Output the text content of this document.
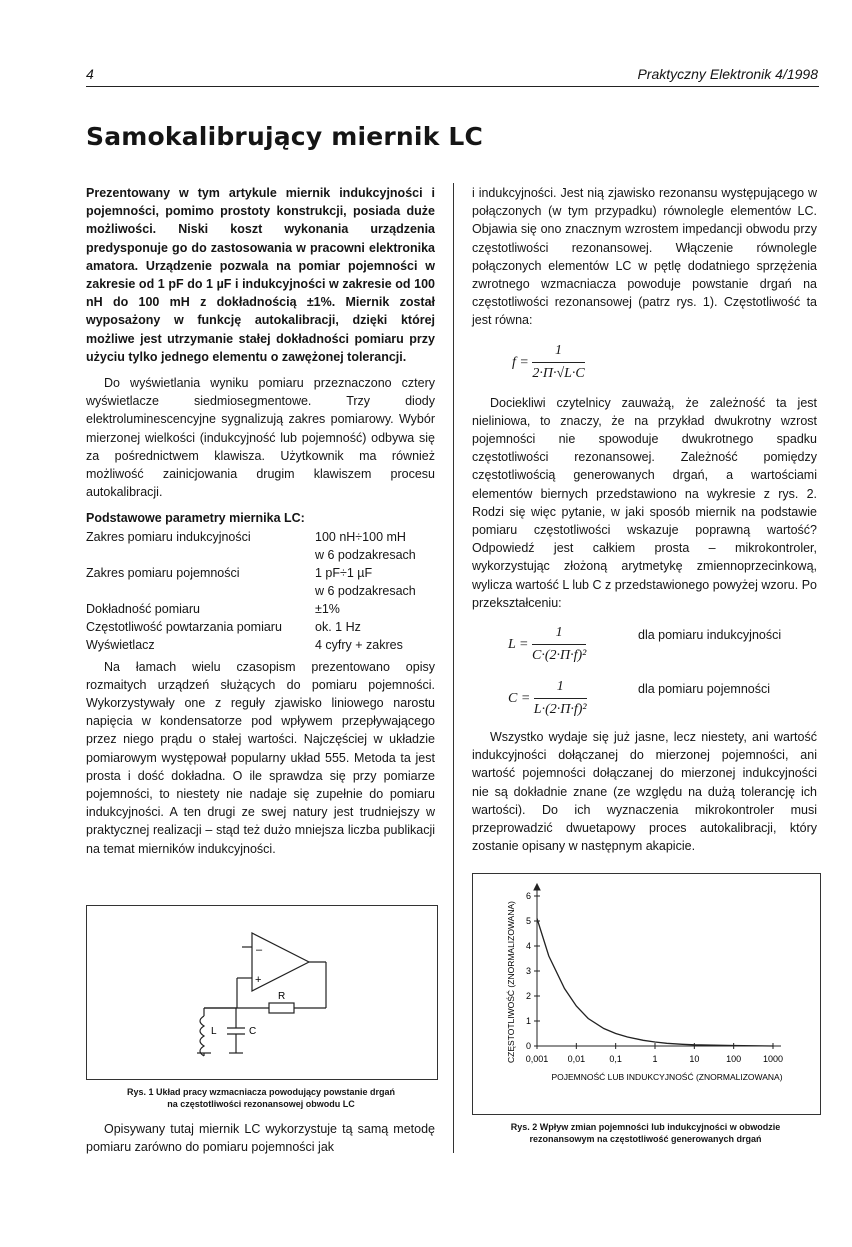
4	Praktyczny Elektronik 4/1998
Samokalibrujący miernik LC

Prezentowany w tym artykule miernik indukcyjności i pojemności, pomimo prostoty konstrukcji, posiada duże możliwości. Niski koszt wykonania urządzenia predysponuje go do zastosowania w pracowni elektronika amatora. Urządzenie pozwala na pomiar pojemności w zakresie od 1 pF do 1 µF i indukcyjności w zakresie od 100 nH do 100 mH z dokładnością ±1%. Miernik został wyposażony w funkcję autokalibracji, dzięki której możliwe jest utrzymanie stałej dokładności pomiaru przy użyciu tylko jednego elementu o zawężonej tolerancji.

Do wyświetlania wyniku pomiaru przeznaczono cztery wyświetlacze siedmiosegmentowe. Trzy diody elektroluminescencyjne sygnalizują zakres pomiarowy. Wybór mierzonej wielkości (indukcyjność lub pojemność) odbywa się za pośrednictwem klawisza. Użytkownik ma również możliwość zainicjowania drugim klawiszem procesu autokalibracji.

Podstawowe parametry miernika LC:

Zakres pomiaru indukcyjności	100 nH÷100 mH
w 6 podzakresach
Zakres pomiaru pojemności	1 pF÷1 µF
w 6 podzakresach
Dokładność pomiaru	±1%
Częstotliwość powtarzania pomiaru	ok. 1 Hz
Wyświetlacz	4 cyfry + zakres

Na łamach wielu czasopism prezentowano opisy rozmaitych urządzeń służących do pomiaru pojemności. Wykorzystywały one z reguły zjawisko liniowego narostu napięcia w kondensatorze pod wpływem przepływającego przez niego prądu o stałej wartości. Najczęściej w układzie pomiarowym występował popularny układ 555. Metoda ta jest prosta i dość dokładna. O ile sprawdza się przy pomiarze pojemności, to niestety nie nadaje się zupełnie do pomiaru indukcyjności. A ten drugi ze swej natury jest trudniejszy w praktycznej realizacji – stąd też dużo mniejsza liczba publikacji na temat mierników indukcyjności.

–
+
R
L	C
Rys. 1 Układ pracy wzmacniacza powodujący powstanie drgań
na częstotliwości rezonansowej obwodu LC

Opisywany tutaj miernik LC wykorzystuje tą samą metodę pomiaru zarówno do pomiaru pojemności jak

i indukcyjności. Jest nią zjawisko rezonansu występującego w połączonych (w tym przypadku) równolegle elementów LC. Objawia się ono znacznym wzrostem impedancji obwodu przy częstotliwości rezonansowej. Włączenie równolegle połączonych elementów LC w pętlę dodatniego sprzężenia zwrotnego wzmacniacza powoduje powstanie drgań na częstotliwości rezonansowej (patrz rys. 1). Częstotliwość ta jest równa:

$f = \frac{1}{2\cdot\Pi\cdot√L\cdot C}$

Dociekliwi czytelnicy zauważą, że zależność ta jest nieliniowa, to znaczy, że na przykład dwukrotny wzrost pojemności nie spowoduje dwukrotnego spadku częstotliwości rezonansowej. Zależność pomiędzy częstotliwością generowanych drgań, a wartościami elementów biernych przedstawiono na wykresie z rys. 2. Rodzi się więc pytanie, w jaki sposób miernik na podstawie pomiaru częstotliwości wskazuje poprawną wartość? Odpowiedź jest całkiem prosta – mikrokontroler, wykorzystując złożoną arytmetykę zmiennoprzecinkową, wylicza wartość L lub C z przedstawionego powyżej wzoru. Po przekształceniu:

$L = \frac{1}{\text{C·(2·Π·f)²}}$	dla pomiaru indukcyjności
$C = \frac{1}{\text{L·(2·Π·f)²}}$	dla pomiaru pojemności

Wszystko wydaje się już jasne, lecz niestety, ani wartość indukcyjności dołączanej do mierzonej pojemności, ani wartość pojemności dołączanej do mierzonej indukcyjności nie są dokładnie znane (ze względu na dużą tolerancję ich wartości). Do ich wyznaczenia mikrokontroler musi przeprowadzić dwuetapowy proces autokalibracji, który zostanie opisany w następnym akapicie.

0,001 0,01	0,1	1	10	100 1000
0
1
2
3
4
5
6
CZĘSTOTLIWOŚĆ (ZNORMALIZOWANA)
POJEMNOŚĆ LUB INDUKCYJNOŚĆ (ZNORMALIZOWANA)
Rys. 2 Wpływ zmian pojemności lub indukcyjności w obwodzie
rezonansowym na częstotliwość generowanych drgań
